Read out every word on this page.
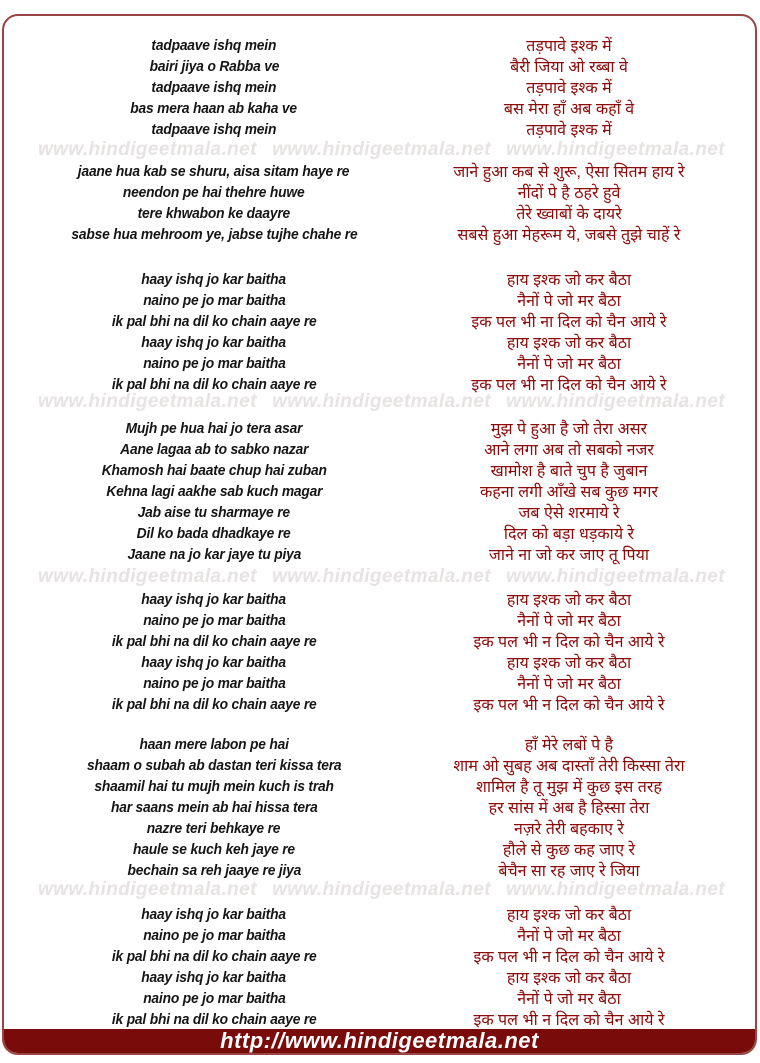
tadpaave ishq mein	तड़पावे इश्क में
bairi jiya o Rabba ve	बैरी जिया ओ रब्बा वे
tadpaave ishq mein	तड़पावे इश्क में
bas mera haan ab kaha ve	बस मेरा हाँ अब कहाँ वे
tadpaave ishq mein	तड़पावे इश्क में
www.hindigeetmala.net www.hindigeetmala.net www.hindigeetmala.net
jaane hua kab se shuru, aisa sitam haye re	जाने हुआ कब से शुरू, ऐसा सितम हाय रे
neendon pe hai thehre huwe	नींदों पे है ठहरे हुवे
tere khwabon ke daayre	तेरे ख्वाबों के दायरे
sabse hua mehroom ye, jabse tujhe chahe re	सबसे हुआ मेहरूम ये, जबसे तुझे चाहें रे
haay ishq jo kar baitha	हाय इश्क जो कर बैठा
naino pe jo mar baitha	नैनों पे जो मर बैठा
ik pal bhi na dil ko chain aaye re	इक पल भी ना दिल को चैन आये रे
haay ishq jo kar baitha	हाय इश्क जो कर बैठा
naino pe jo mar baitha	नैनों पे जो मर बैठा
ik pal bhi na dil ko chain aaye re	इक पल भी ना दिल को चैन आये रे
www.hindigeetmala.net www.hindigeetmala.net www.hindigeetmala.net
Mujh pe hua hai jo tera asar	मुझ पे हुआ है जो तेरा असर
Aane lagaa ab to sabko nazar	आने लगा अब तो सबको नजर
Khamosh hai baate chup hai zuban	खामोश है बाते चुप है जुबान
Kehna lagi aakhe sab kuch magar	कहना लगी आँखे सब कुछ मगर
Jab aise tu sharmaye re	जब ऐसे शरमाये रे
Dil ko bada dhadkaye re	दिल को बड़ा धड़काये रे
Jaane na jo kar jaye tu piya	जाने ना जो कर जाए तू पिया
www.hindigeetmala.net www.hindigeetmala.net www.hindigeetmala.net
haay ishq jo kar baitha	हाय इश्क जो कर बैठा
naino pe jo mar baitha	नैनों पे जो मर बैठा
ik pal bhi na dil ko chain aaye re	इक पल भी न दिल को चैन आये रे
haay ishq jo kar baitha	हाय इश्क जो कर बैठा
naino pe jo mar baitha	नैनों पे जो मर बैठा
ik pal bhi na dil ko chain aaye re	इक पल भी न दिल को चैन आये रे
haan mere labon pe hai	हाँ मेरे लबों पे है
shaam o subah ab dastan teri kissa tera	शाम ओ सुबह अब दास्ताँ तेरी किस्सा तेरा
shaamil hai tu mujh mein kuch is trah	शामिल है तू मुझ में कुछ इस तरह
har saans mein ab hai hissa tera	हर सांस में अब है हिस्सा तेरा
nazre teri behkaye re	नज़रे तेरी बहकाए रे
haule se kuch keh jaye re	हौले से कुछ कह जाए रे
bechain sa reh jaaye re jiya	बेचैन सा रह जाए रे जिया
www.hindigeetmala.net www.hindigeetmala.net www.hindigeetmala.net
haay ishq jo kar baitha	हाय इश्क जो कर बैठा
naino pe jo mar baitha	नैनों पे जो मर बैठा
ik pal bhi na dil ko chain aaye re	इक पल भी न दिल को चैन आये रे
haay ishq jo kar baitha	हाय इश्क जो कर बैठा
naino pe jo mar baitha	नैनों पे जो मर बैठा
ik pal bhi na dil ko chain aaye re	इक पल भी न दिल को चैन आये रे
http://www.hindigeetmala.net
